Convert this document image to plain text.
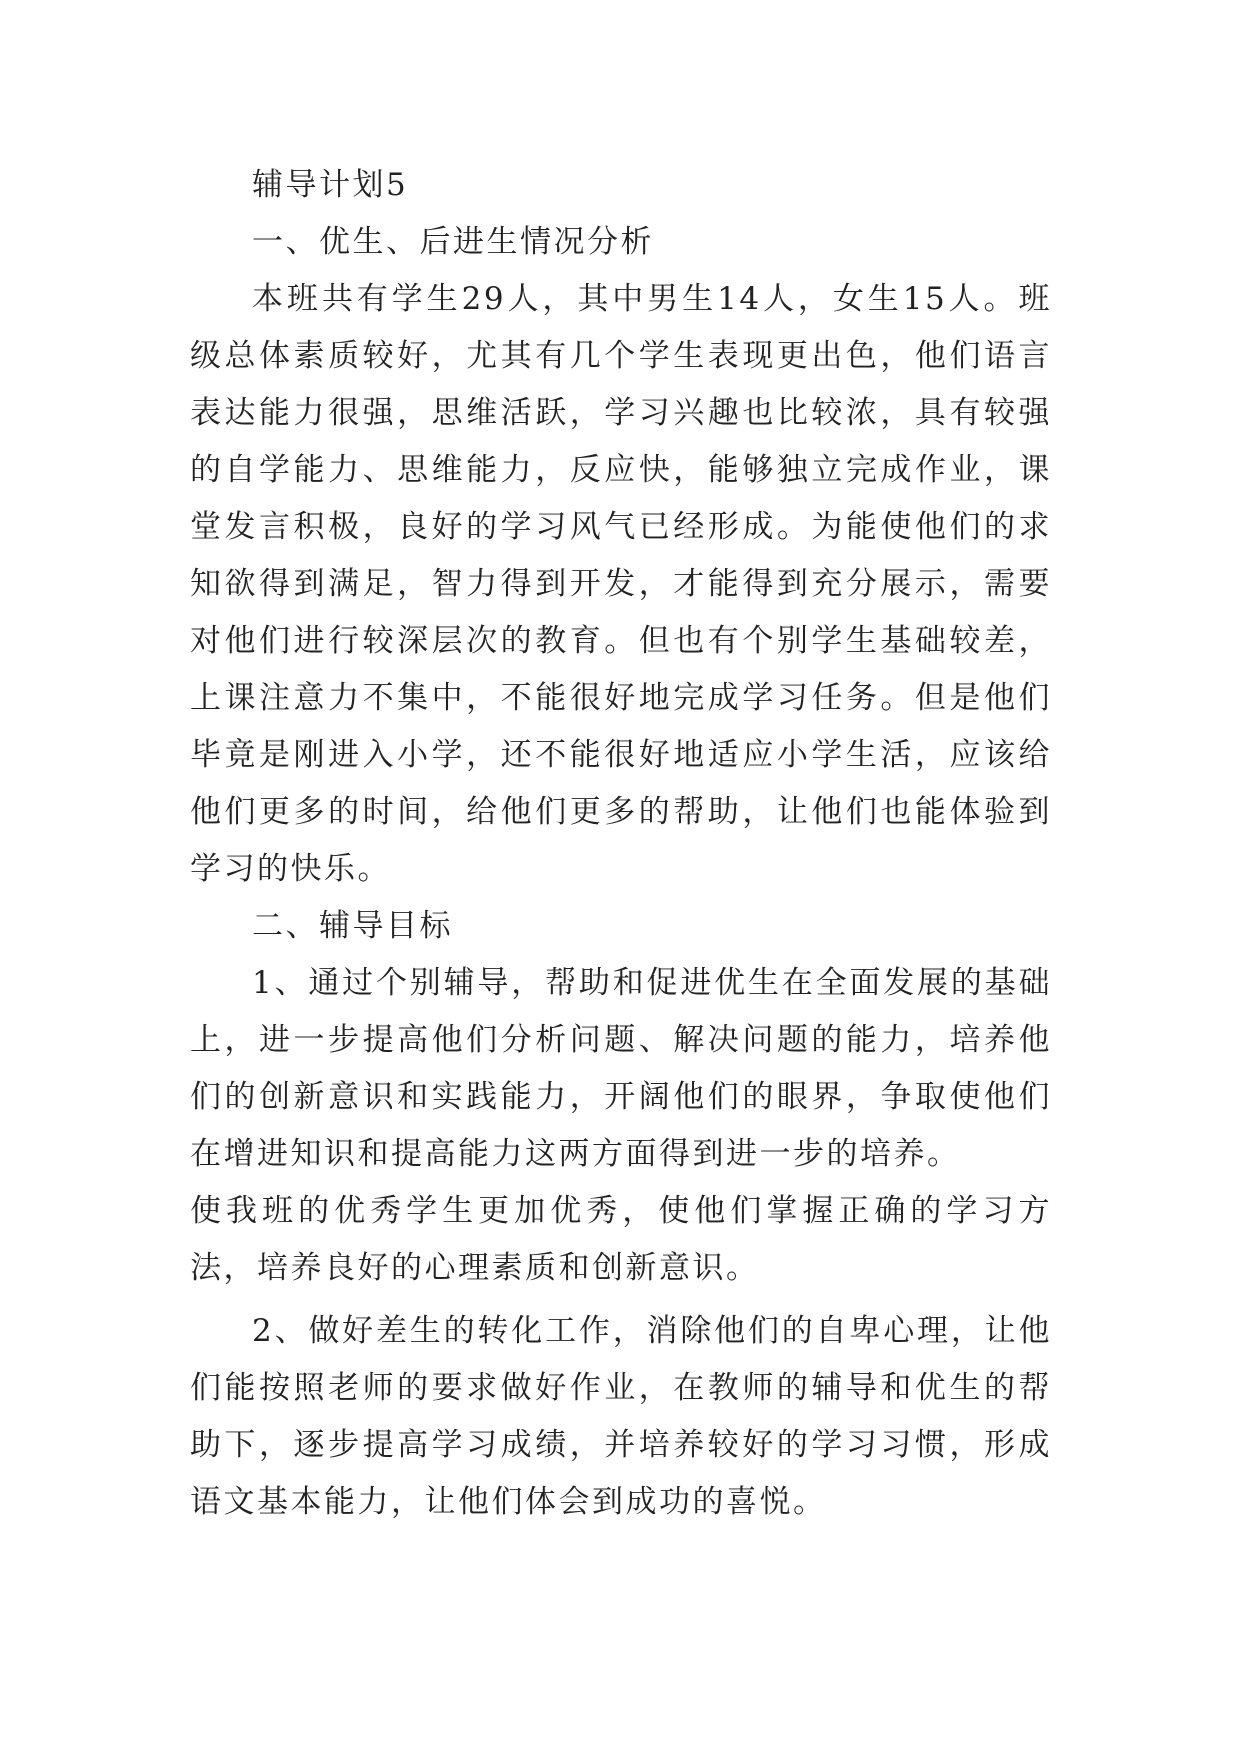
辅导计划5

一、优生、后进生情况分析

本班共有学生29人，其中男生14人，女生15人。班级总体素质较好，尤其有几个学生表现更出色，他们语言表达能力很强，思维活跃，学习兴趣也比较浓，具有较强的自学能力、思维能力，反应快，能够独立完成作业，课堂发言积极，良好的学习风气已经形成。为能使他们的求知欲得到满足，智力得到开发，才能得到充分展示，需要对他们进行较深层次的教育。但也有个别学生基础较差，上课注意力不集中，不能很好地完成学习任务。但是他们毕竟是刚进入小学，还不能很好地适应小学生活，应该给他们更多的时间，给他们更多的帮助，让他们也能体验到学习的快乐。

二、辅导目标

1、通过个别辅导，帮助和促进优生在全面发展的基础上，进一步提高他们分析问题、解决问题的能力，培养他们的创新意识和实践能力，开阔他们的眼界，争取使他们在增进知识和提高能力这两方面得到进一步的培养。

使我班的优秀学生更加优秀，使他们掌握正确的学习方法，培养良好的心理素质和创新意识。

2、做好差生的转化工作，消除他们的自卑心理，让他们能按照老师的要求做好作业，在教师的辅导和优生的帮助下，逐步提高学习成绩，并培养较好的学习习惯，形成语文基本能力，让他们体会到成功的喜悦。
